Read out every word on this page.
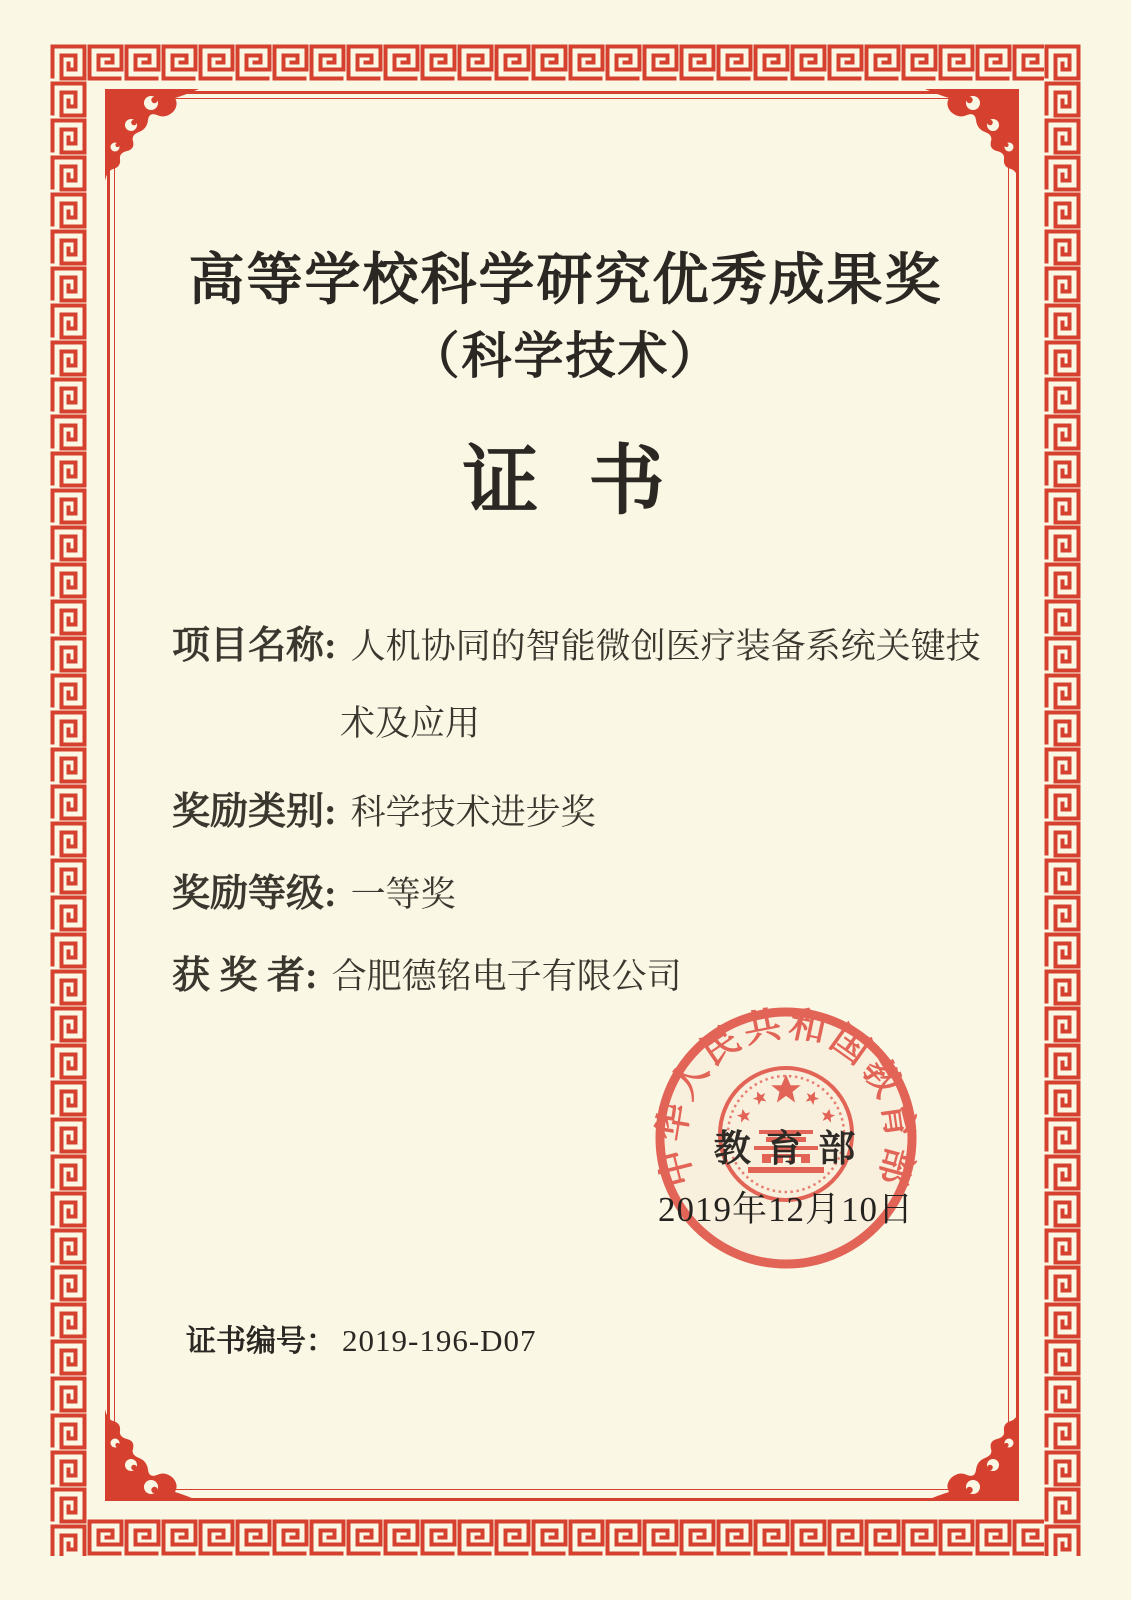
高等学校科学研究优秀成果奖
（科学技术）
证  书
项目名称: 人机协同的智能微创医疗装备系统关键技
术及应用
奖励类别: 科学技术进步奖
奖励等级: 一等奖
获 奖 者: 合肥德铭电子有限公司
中华人民共和国教育部
教 育 部
2019年12月10日
证书编号： 2019-196-D07
